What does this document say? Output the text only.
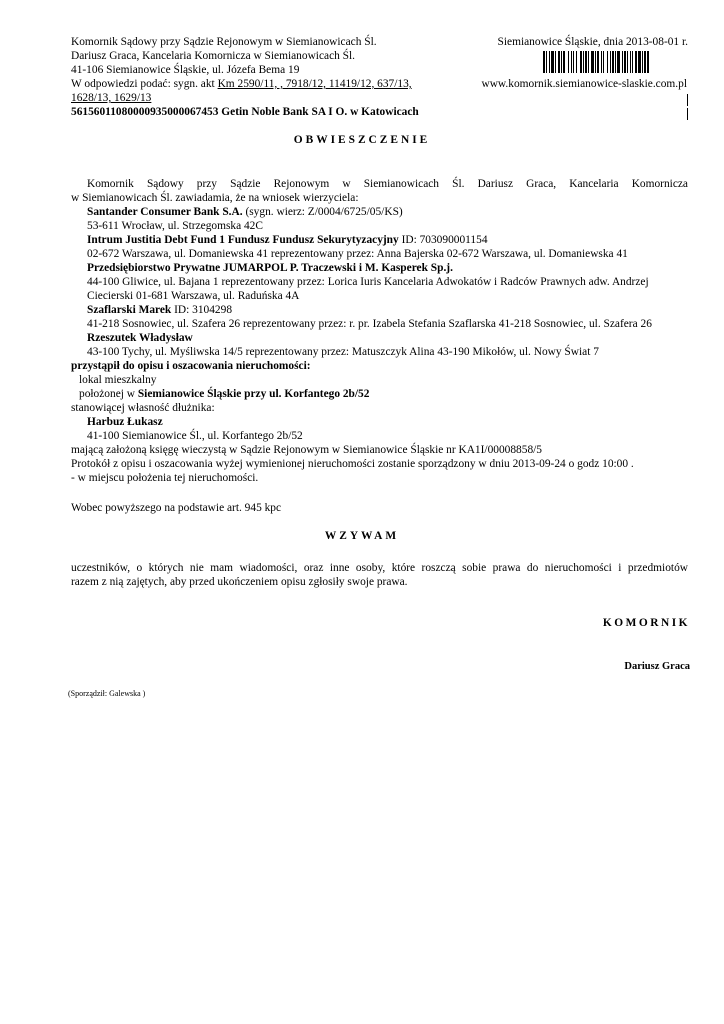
Komornik Sądowy przy Sądzie Rejonowym w Siemianowicach Śl.
Dariusz Graca, Kancelaria Komornicza w Siemianowicach Śl.
41-106 Siemianowice Śląskie, ul. Józefa Bema 19
W odpowiedzi podać: sygn. akt Km 2590/11, , 7918/12, 11419/12, 637/13,
1628/13, 1629/13
56156011080000935000067453 Getin Noble Bank SA I O. w Katowicach
Siemianowice Śląskie, dnia 2013-08-01 r.
www.komornik.siemianowice-slaskie.com.pl
OBWIESZCZENIE
Komornik Sądowy przy Sądzie Rejonowym w Siemianowicach Śl. Dariusz Graca, Kancelaria Komornicza
w Siemianowicach Śl. zawiadamia, że na wniosek wierzyciela:
Santander Consumer Bank S.A. (sygn. wierz: Z/0004/6725/05/KS)
53-611 Wrocław, ul. Strzegomska 42C
Intrum Justitia Debt Fund 1 Fundusz Fundusz Sekurytyzacyjny ID: 703090001154
02-672 Warszawa, ul. Domaniewska 41 reprezentowany przez: Anna Bajerska 02-672 Warszawa, ul. Domaniewska 41
Przedsiębiorstwo Prywatne JUMARPOL P. Traczewski i M. Kasperek Sp.j.
44-100 Gliwice, ul. Bajana 1 reprezentowany przez: Lorica Iuris Kancelaria Adwokatów i Radców Prawnych adw. Andrzej
Ciecierski 01-681 Warszawa, ul. Raduńska 4A
Szaflarski Marek ID: 3104298
41-218 Sosnowiec, ul. Szafera 26 reprezentowany przez: r. pr. Izabela Stefania Szaflarska 41-218 Sosnowiec, ul. Szafera 26
Rzeszutek Władysław
43-100 Tychy, ul. Myśliwska 14/5 reprezentowany przez: Matuszczyk Alina 43-190 Mikołów, ul. Nowy Świat 7
przystąpił do opisu i oszacowania nieruchomości:
lokal mieszkalny
położonej w Siemianowice Śląskie przy ul. Korfantego 2b/52
stanowiącej własność dłużnika:
Harbuz Łukasz
41-100 Siemianowice Śl., ul. Korfantego 2b/52
mającą założoną księgę wieczystą w Sądzie Rejonowym w Siemianowice Śląskie nr KA1I/00008858/5
Protokół z opisu i oszacowania wyżej wymienionej nieruchomości zostanie sporządzony w dniu 2013-09-24 o godz 10:00 .
- w miejscu położenia tej nieruchomości.
Wobec powyższego na podstawie art. 945 kpc
WZYWAM
uczestników, o których nie mam wiadomości, oraz inne osoby, które roszczą sobie prawa do nieruchomości i przedmiotów
razem z nią zajętych, aby przed ukończeniem opisu zgłosiły swoje prawa.
KOMORNIK
Dariusz Graca
(Sporządził: Galewska )
